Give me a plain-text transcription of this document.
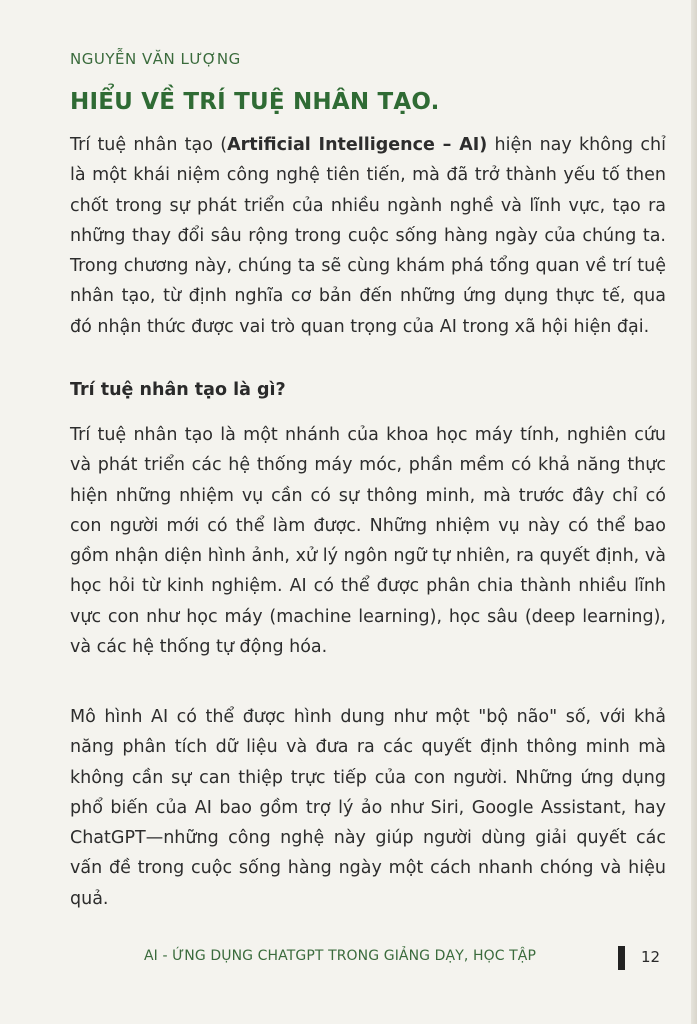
NGUYỄN VĂN LƯỢNG

HIỂU VỀ TRÍ TUỆ NHÂN TẠO.

Trí tuệ nhân tạo (Artificial Intelligence – AI) hiện nay không chỉ là một khái niệm công nghệ tiên tiến, mà đã trở thành yếu tố then chốt trong sự phát triển của nhiều ngành nghề và lĩnh vực, tạo ra những thay đổi sâu rộng trong cuộc sống hàng ngày của chúng ta. Trong chương này, chúng ta sẽ cùng khám phá tổng quan về trí tuệ nhân tạo, từ định nghĩa cơ bản đến những ứng dụng thực tế, qua đó nhận thức được vai trò quan trọng của AI trong xã hội hiện đại.

Trí tuệ nhân tạo là gì?

Trí tuệ nhân tạo là một nhánh của khoa học máy tính, nghiên cứu và phát triển các hệ thống máy móc, phần mềm có khả năng thực hiện những nhiệm vụ cần có sự thông minh, mà trước đây chỉ có con người mới có thể làm được. Những nhiệm vụ này có thể bao gồm nhận diện hình ảnh, xử lý ngôn ngữ tự nhiên, ra quyết định, và học hỏi từ kinh nghiệm. AI có thể được phân chia thành nhiều lĩnh vực con như học máy (machine learning), học sâu (deep learning), và các hệ thống tự động hóa.

Mô hình AI có thể được hình dung như một "bộ não" số, với khả năng phân tích dữ liệu và đưa ra các quyết định thông minh mà không cần sự can thiệp trực tiếp của con người. Những ứng dụng phổ biến của AI bao gồm trợ lý ảo như Siri, Google Assistant, hay ChatGPT—những công nghệ này giúp người dùng giải quyết các vấn đề trong cuộc sống hàng ngày một cách nhanh chóng và hiệu quả.

AI - ỨNG DỤNG CHATGPT TRONG GIẢNG DẠY, HỌC TẬP	12
